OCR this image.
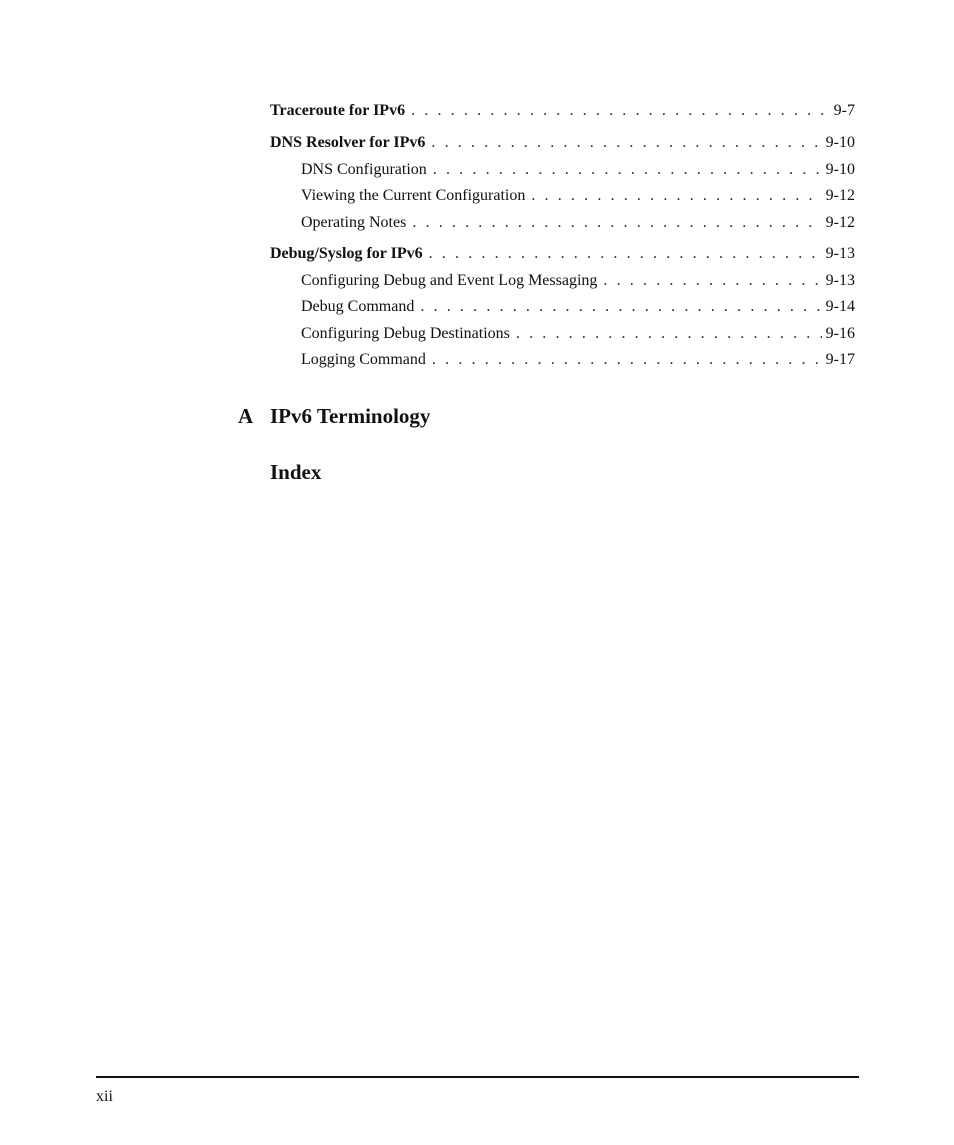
Traceroute for IPv6 . . .	9-7
DNS Resolver for IPv6 . . .	9-10
DNS Configuration . . .	9-10
Viewing the Current Configuration . . .	9-12
Operating Notes . . .	9-12
Debug/Syslog for IPv6 . . .	9-13
Configuring Debug and Event Log Messaging . . .	9-13
Debug Command . . .	9-14
Configuring Debug Destinations . . .	9-16
Logging Command . . .	9-17
A IPv6 Terminology
Index
xii
